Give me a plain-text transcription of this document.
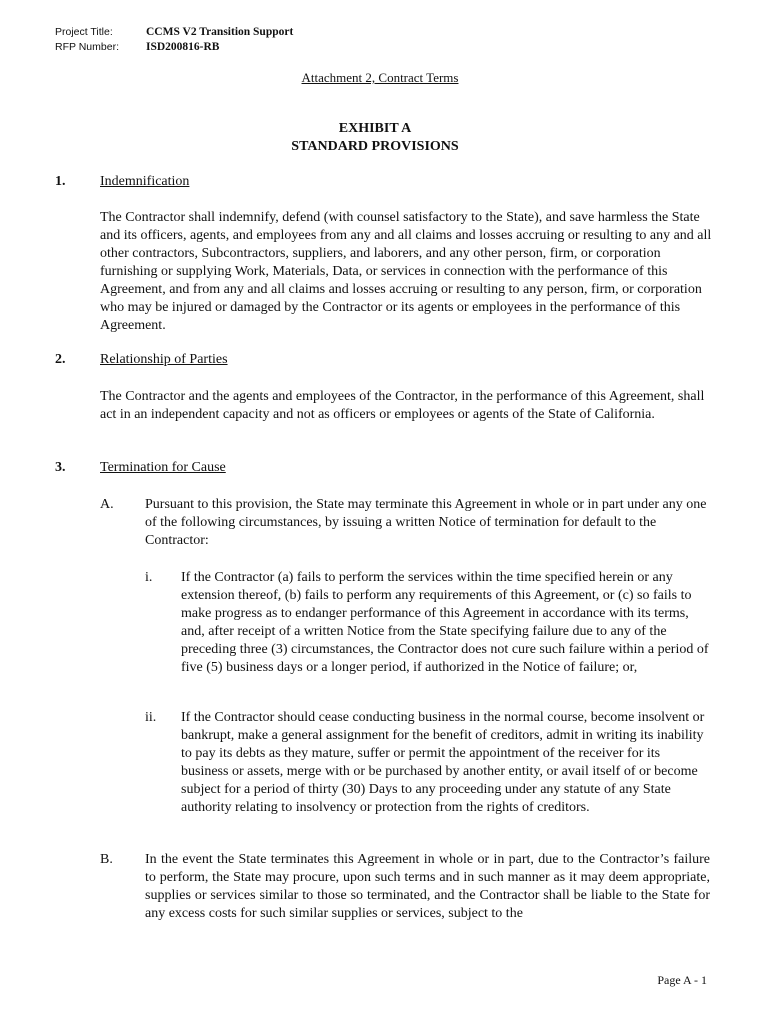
Project Title:	CCMS V2 Transition Support
RFP Number: ISD200816-RB
Attachment 2, Contract Terms
EXHIBIT A
STANDARD PROVISIONS
1. Indemnification

The Contractor shall indemnify, defend (with counsel satisfactory to the State), and save harmless the State and its officers, agents, and employees from any and all claims and losses accruing or resulting to any and all other contractors, Subcontractors, suppliers, and laborers, and any other person, firm, or corporation furnishing or supplying Work, Materials, Data, or services in connection with the performance of this Agreement, and from any and all claims and losses accruing or resulting to any person, firm, or corporation who may be injured or damaged by the Contractor or its agents or employees in the performance of this Agreement.

2. Relationship of Parties

The Contractor and the agents and employees of the Contractor, in the performance of this Agreement, shall act in an independent capacity and not as officers or employees or agents of the State of California.

3. Termination for Cause
A. Pursuant to this provision, the State may terminate this Agreement in whole or in part under any one of the following circumstances, by issuing a written Notice of termination for default to the Contractor:

i. If the Contractor (a) fails to perform the services within the time specified herein or any extension thereof, (b) fails to perform any requirements of this Agreement, or (c) so fails to make progress as to endanger performance of this Agreement in accordance with its terms, and, after receipt of a written Notice from the State specifying failure due to any of the preceding three (3) circumstances, the Contractor does not cure such failure within a period of five (5) business days or a longer period, if authorized in the Notice of failure; or,

ii. If the Contractor should cease conducting business in the normal course, become insolvent or bankrupt, make a general assignment for the benefit of creditors, admit in writing its inability to pay its debts as they mature, suffer or permit the appointment of the receiver for its business or assets, merge with or be purchased by another entity, or avail itself of or become subject for a period of thirty (30) Days to any proceeding under any statute of any State authority relating to insolvency or protection from the rights of creditors.

B. In the event the State terminates this Agreement in whole or in part, due to the Contractor’s failure to perform, the State may procure, upon such terms and in such manner as it may deem appropriate, supplies or services similar to those so terminated, and the Contractor shall be liable to the State for any excess costs for such similar supplies or services, subject to the

Page A - 1
